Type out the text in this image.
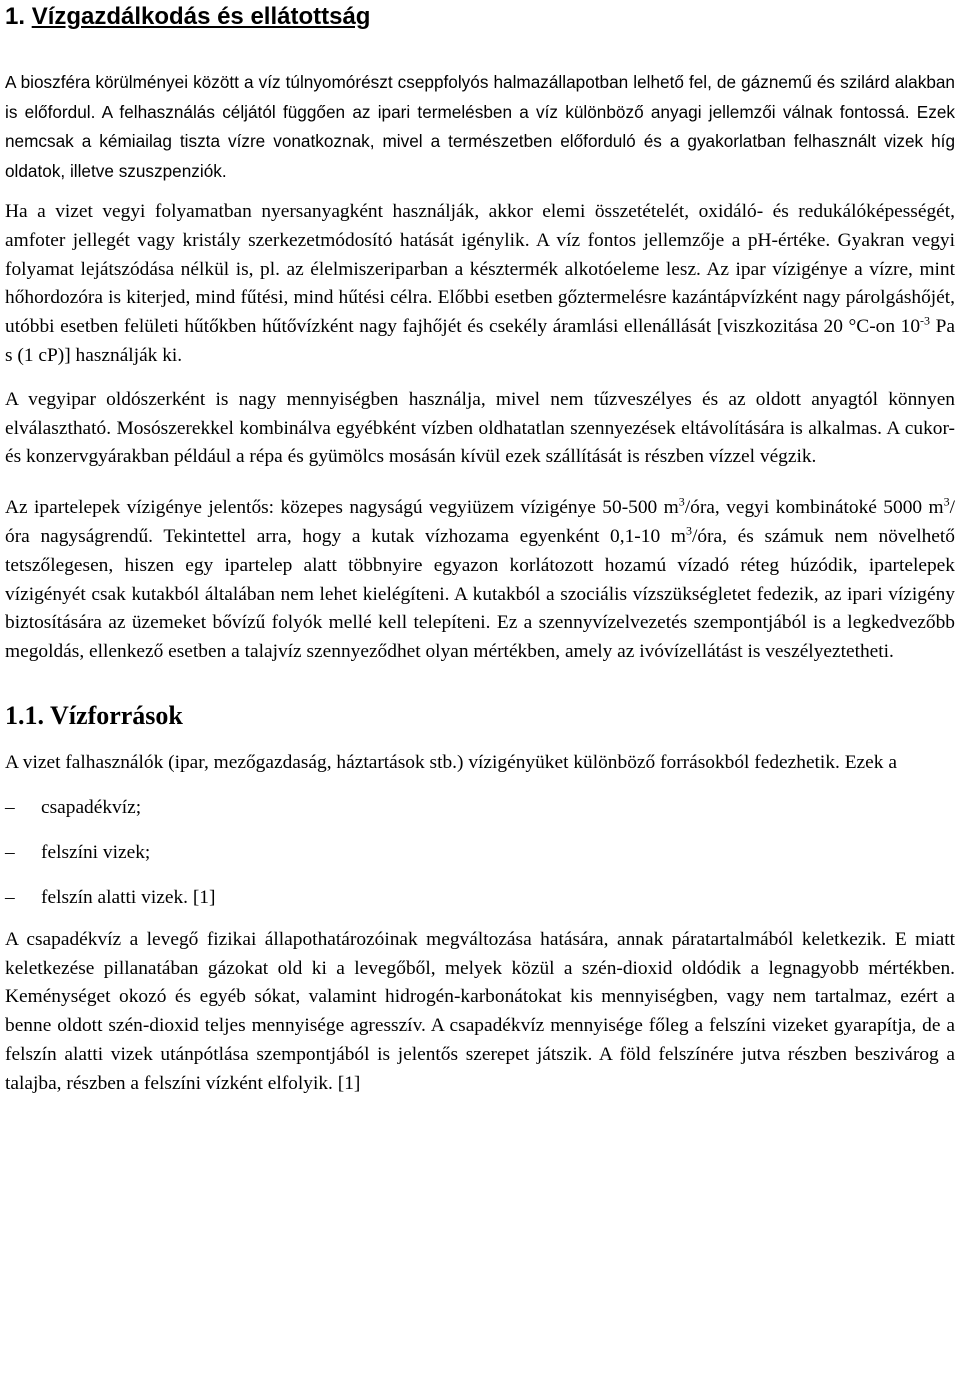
1. Vízgazdálkodás és ellátottság

A bioszféra körülményei között a víz túlnyomórészt cseppfolyós halmazállapotban lelhető fel, de gáznemű és szilárd alakban is előfordul. A felhasználás céljától függően az ipari termelésben a víz különböző anyagi jellemzői válnak fontossá. Ezek nemcsak a kémiailag tiszta vízre vonatkoznak, mivel a természetben előforduló és a gyakorlatban felhasznált vizek híg oldatok, illetve szuszpenziók.

Ha a vizet vegyi folyamatban nyersanyagként használják, akkor elemi összetételét, oxidáló- és redukálóképességét, amfoter jellegét vagy kristály szerkezetmódosító hatását igénylik. A víz fontos jellemzője a pH-értéke. Gyakran vegyi folyamat lejátszódása nélkül is, pl. az élelmiszeriparban a késztermék alkotóeleme lesz. Az ipar vízigénye a vízre, mint hőhordozóra is kiterjed, mind fűtési, mind hűtési célra. Előbbi esetben gőztermelésre kazántápvízként nagy párolgáshőjét, utóbbi esetben felületi hűtőkben hűtővízként nagy fajhőjét és csekély áramlási ellenállását [viszkozitása 20 °C-on $10^{-3}$ Pa s (1 cP)] használják ki.

A vegyipar oldószerként is nagy mennyiségben használja, mivel nem tűzveszélyes és az oldott anyagtól könnyen elválasztható. Mosószerekkel kombinálva egyébként vízben oldhatatlan szennyezések eltávolítására is alkalmas. A cukor-és konzervgyárakban például a répa és gyümölcs mosásán kívül ezek szállítását is részben vízzel végzik.

Az ipartelepek vízigénye jelentős: közepes nagyságú vegyiüzem vízigénye 50-500 $m^3$/óra, vegyi kombinátoké 5000 $m^3$/óra nagyságrendű. Tekintettel arra, hogy a kutak vízhozama egyenként 0,1-10 $m^3$/óra, és számuk nem növelhető tetszőlegesen, hiszen egy ipartelep alatt többnyire egyazon korlátozott hozamú vízadó réteg húzódik, ipartelepek vízigényét csak kutakból általában nem lehet kielégíteni. A kutakból a szociális vízszükségletet fedezik, az ipari vízigény biztosítására az üzemeket bővízű folyók mellé kell telepíteni. Ez a szennyvízelvezetés szempontjából is a legkedvezőbb megoldás, ellenkező esetben a talajvíz szennyeződhet olyan mértékben, amely az ivóvízellátást is veszélyeztetheti.

1.1. Vízforrások

A vizet falhasználók (ipar, mezőgazdaság, háztartások stb.) vízigényüket különböző forrásokból fedezhetik. Ezek a

–	csapadékvíz;
–	felszíni vizek;
–	felszín alatti vizek. [1]

A csapadékvíz a levegő fizikai állapothatározóinak megváltozása hatására, annak páratartalmából keletkezik. E miatt keletkezése pillanatában gázokat old ki a levegőből, melyek közül a szén-dioxid oldódik a legnagyobb mértékben. Keménységet okozó és egyéb sókat, valamint hidrogén-karbonátokat kis mennyiségben, vagy nem tartalmaz, ezért a benne oldott szén-dioxid teljes mennyisége agresszív. A csapadékvíz mennyisége főleg a felszíni vizeket gyarapítja, de a felszín alatti vizek utánpótlása szempontjából is jelentős szerepet játszik. A föld felszínére jutva részben beszivárog a talajba, részben a felszíni vízként elfolyik. [1]
